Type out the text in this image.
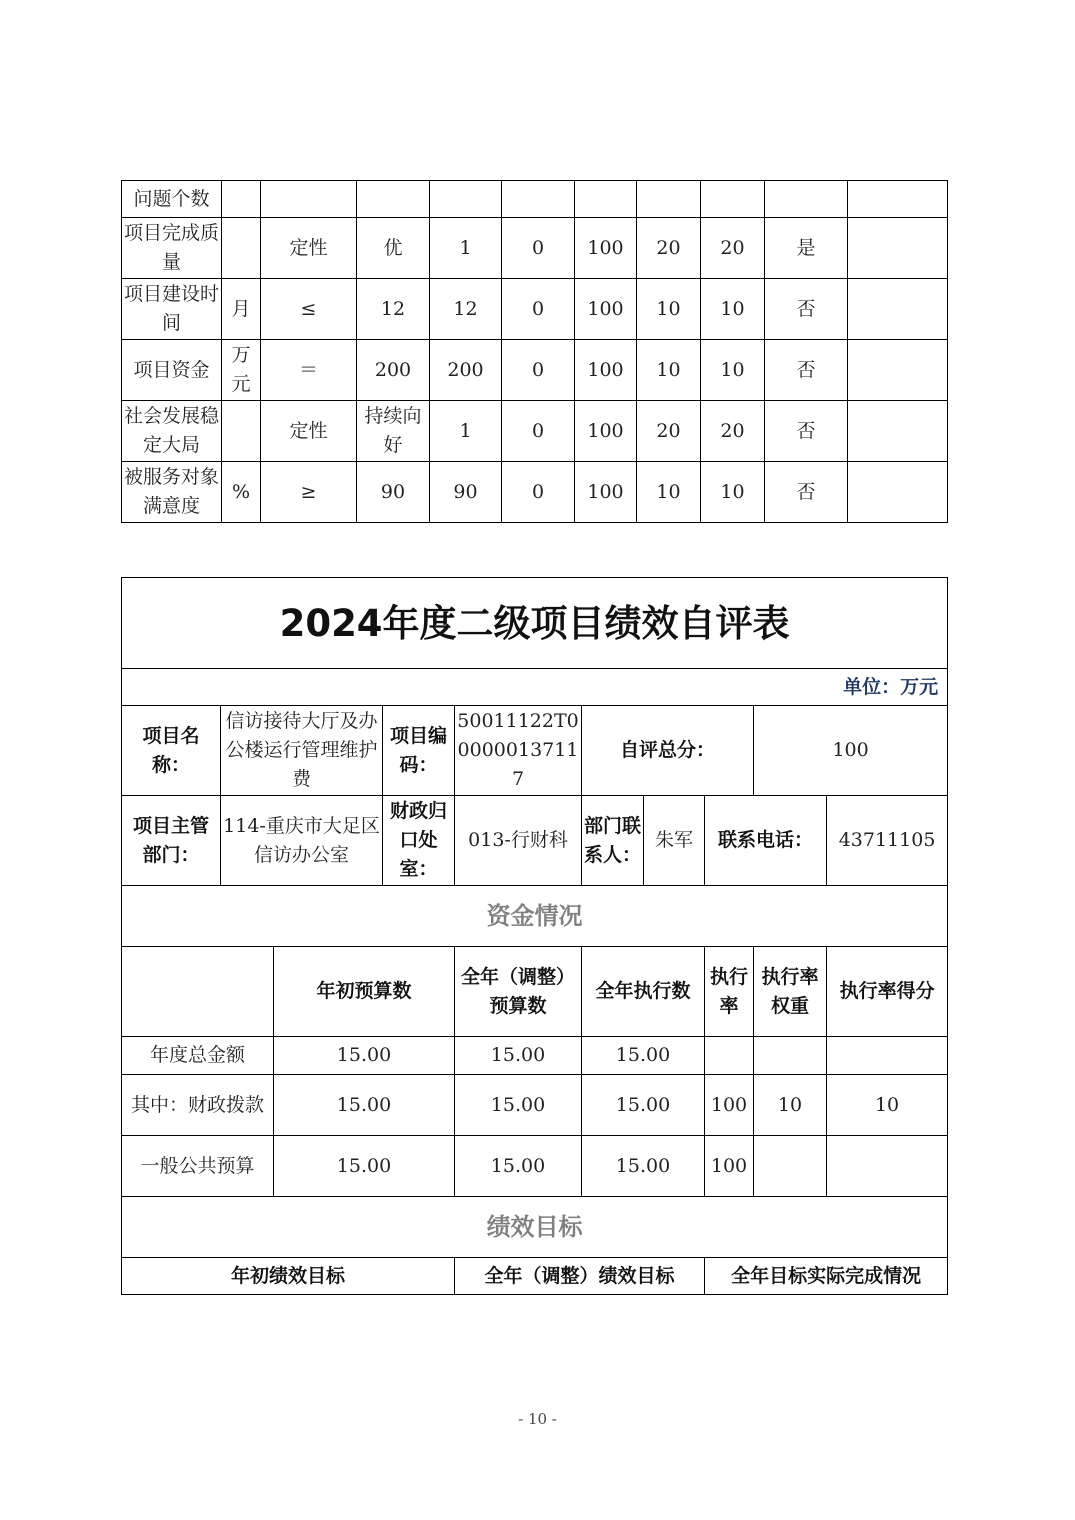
问题个数										
项目完成质量		定性	优	1	0	100	20	20	是	
项目建设时间	月	≤	12	12	0	100	10	10	否	
项目资金	万元	＝	200	200	0	100	10	10	否	
社会发展稳定大局		定性	持续向好	1	0	100	20	20	否	
被服务对象满意度	%	≥	90	90	0	100	10	10	否	
2024年度二级项目绩效自评表									
单位：万元									
项目名称：	信访接待大厅及办公楼运行管理维护费		项目编码：	50011122T00000013711 7	自评总分：			100	
项目主管部门：	114-重庆市大足区信访办公室		财政归口处室：	013-行财科	部门联系人：	朱军	联系电话：		43711105
资金情况									
		年初预算数		全年（调整）预算数	全年执行数		执行率	执行率权重	执行率得分
年度总金额		15.00		15.00	15.00				
其中：财政拨款		15.00		15.00	15.00		100	10	10
一般公共预算		15.00		15.00	15.00		100		
绩效目标									
年初绩效目标				全年（调整）绩效目标			全年目标实际完成情况		
- 10 -
